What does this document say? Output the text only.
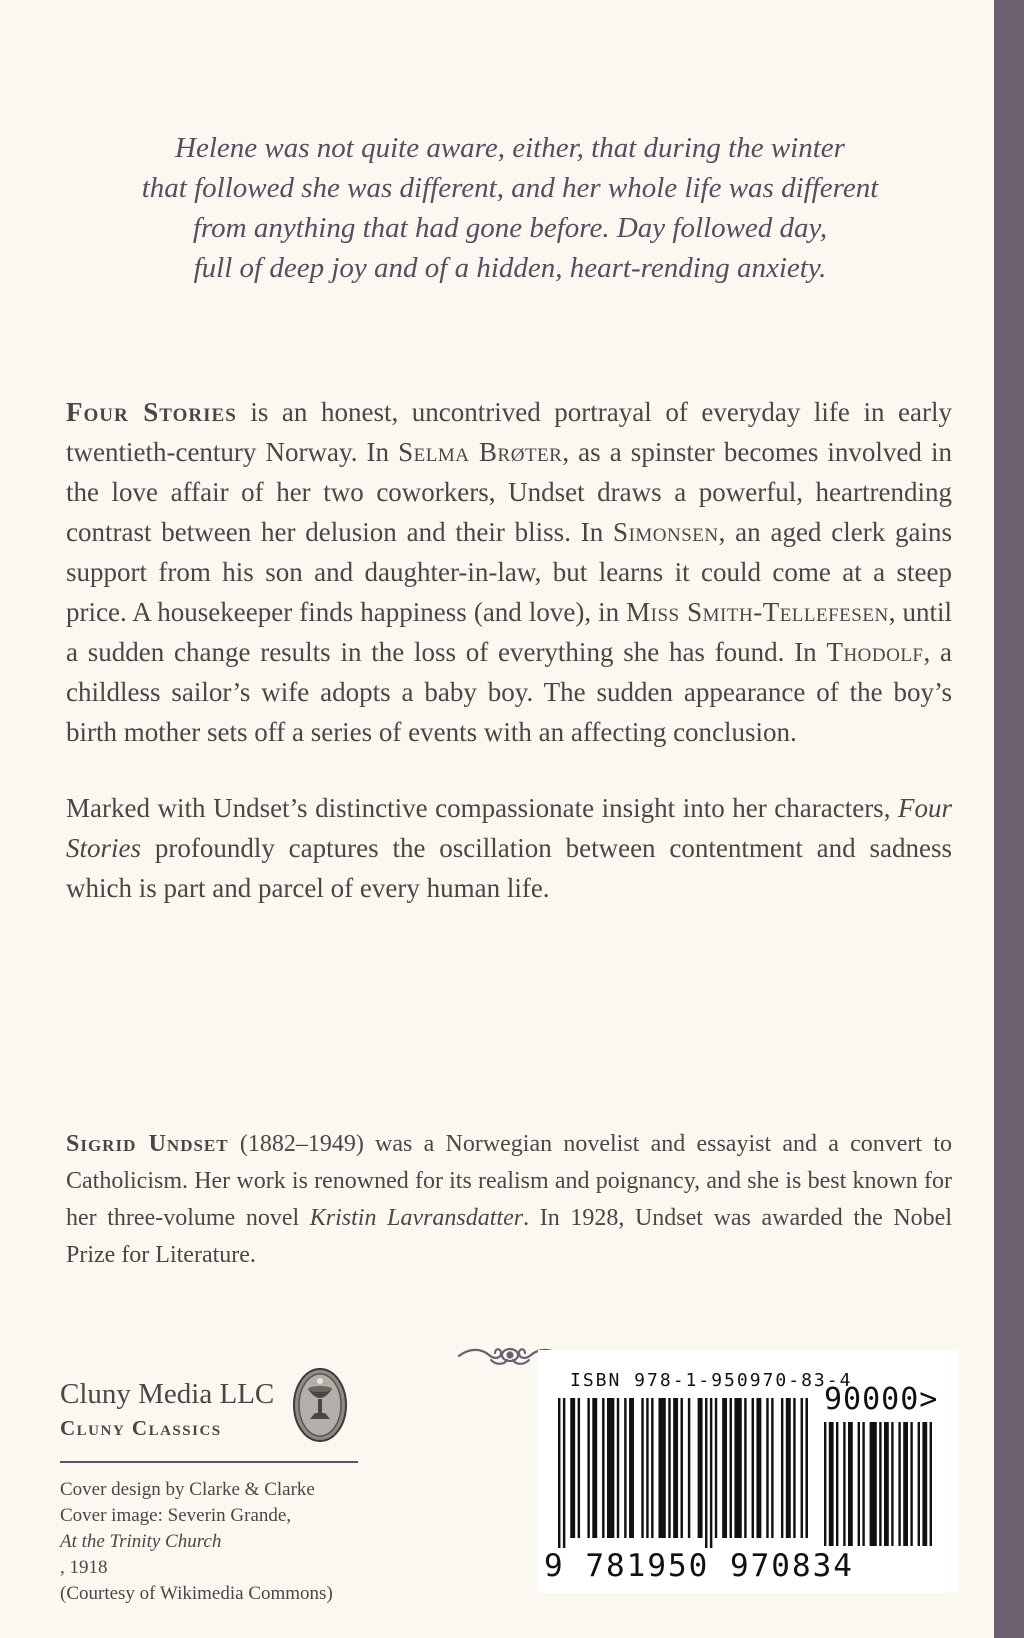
Helene was not quite aware, either, that during the winter
that followed she was different, and her whole life was different
from anything that had gone before. Day followed day,
full of deep joy and of a hidden, heart-rending anxiety.
Four Stories is an honest, uncontrived portrayal of everyday life in early twentieth-century Norway. In Selma Brøter, as a spinster becomes involved in the love affair of her two coworkers, Undset draws a powerful, heartrending contrast between her delusion and their bliss. In Simonsen, an aged clerk gains support from his son and daughter-in-law, but learns it could come at a steep price. A housekeeper finds happiness (and love), in Miss Smith-Tellefesen, until a sudden change results in the loss of everything she has found. In Thodolf, a childless sailor’s wife adopts a baby boy. The sudden appearance of the boy’s birth mother sets off a series of events with an affecting conclusion.
Marked with Undset’s distinctive compassionate insight into her characters, Four Stories profoundly captures the oscillation between contentment and sadness which is part and parcel of every human life.
Sigrid Undset (1882–1949) was a Norwegian novelist and essayist and a convert to Catholicism. Her work is renowned for its realism and poignancy, and she is best known for her three-volume novel Kristin Lavransdatter. In 1928, Undset was awarded the Nobel Prize for Literature.
Cluny Media LLC
Cluny Classics
Cover design by Clarke & Clarke
Cover image: Severin Grande,
At the Trinity Church
, 1918
(Courtesy of Wikimedia Commons)
ISBN 978-1-950970-83-4
90000>
9 781950 970834
